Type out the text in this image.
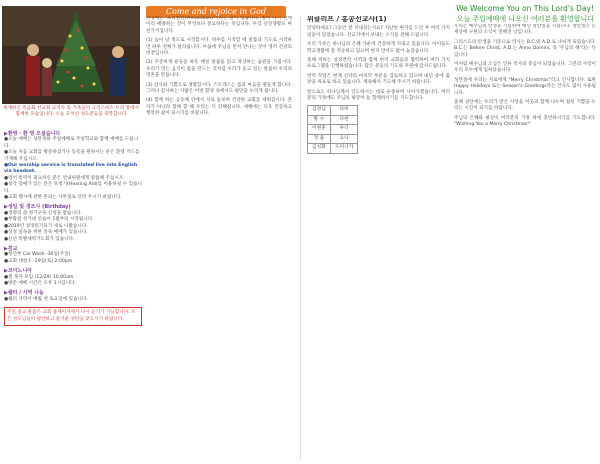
Come and rejoice in God	We Welcome You on This Lord's Day!
오늘 주일예배에 나오신 여러분을 환영합니다
세계한인 복음화 선교회 교역자 및 가족들이 크리스마스 트리 앞에서 함께한 모습입니다. 오늘 모이신 성도분들을 축복합니다
▶환영 · 환 영 오셨습니다

●오늘 예배는 성탄축하 주일예배로 주일학교와 함께 예배를 드립니다.

●오늘 처음 교회를 방문하셨거나 등록을 원하시는 분은 환영 카드를 기재해 주십시오.

●Our worship service is translated live into English via headset.

●영어 통역이 필요하신 분은 안내위원에게 말씀해 주십시오.

●청각 장애가 있는 분은 보청기(Hearing Aid)를 이용하실 수 있습니다.

●교회 행사에 관한 문의는 사무실로 연락 주시기 바랍니다.

▶생일 및 경조사 (Birthday)

●생명의 삶 정기구독 신청을 받습니다.

●부활절 성가대 연습이 1월부터 시작됩니다.

●2019년 성경읽기표가 새로 나왔습니다.

●성경 일독을 위한 통독 예배가 있습니다.

●신년 특별새벽기도회가 있습니다.

▶친교

●청년부 Car Wash -30일(주일)

●교회 대청소 -29일(토) 2:00pm

▶코이노니아

●셀 목자 모임 (12/29) 10:00am

●방문 예배 시간은 오후 1시입니다.

▶쉘터 / 사역 나눔

●쉘터 사역이 매월 첫 토요일에 있습니다.

주일 설교 말씀은 교회 홈페이지에서 다시 듣기가 가능합니다. 모든 성도님들이 평안하고 즐거운 성탄을 맞으시기 바랍니다.

건강에는 '프리벤션(Prevention)'이라는 말이 있습니다. 병이 나기 전에 미리 예방하는 것이 무엇보다 중요하다는 뜻입니다. 우리 신앙생활도 마찬가지입니다.

(1) 높이 날 정도로 시작합시다. 하루를 시작할 때 말씀과 기도로 시작하면 하루 전체가 달라집니다. 아침에 주님을 먼저 만나는 것이 영적 건강의 비결입니다.

(2) 꾸준하게 운동을 하듯 매일 말씀을 읽고 묵상하는 습관을 가집시다. 우리가 먹는 음식이 몸을 만드는 것처럼 우리가 듣고 읽는 말씀이 우리의 영혼을 만듭니다.

(3) 감사와 기쁨으로 생활합시다. 스트레스는 몸과 마음을 병들게 합니다. 그러나 감사하는 사람은 어떤 환경 속에서도 평안을 누리게 됩니다.

(4) 함께 하는 공동체 안에서 서로 돌보며 건강한 교회를 세워갑시다. 혼자가 아니라 함께 할 때 우리는 더 강해집니다. 새해에는 더욱 건강하고 행복한 삶이 되시기를 바랍니다.

위클리프 / 홍콩선교사(1)

안녕하세요? 그동안 잘 지내셨는지요? 지난번 편지를 드린 후 여러 가지 일들이 있었습니다. 선교지에서 보내는 소식을 전해 드립니다.

우리 가족은 하나님의 은혜 가운데 건강하게 지내고 있습니다. 아이들도 학교생활에 잘 적응하고 있으며 현지 언어도 많이 늘었습니다.

올해 저희는 성경번역 사역과 함께 현지 교회들과 협력하여 여러 가지 프로그램을 진행하였습니다. 많은 분들의 기도와 후원에 감사드립니다.

번역 작업은 현재 신약의 마지막 부분을 검토하고 있으며 내년 중에 출판을 목표로 하고 있습니다. 계속해서 기도해 주시기 바랍니다.

앞으로도 하나님께서 인도하시는 대로 순종하며 나아가겠습니다. 여러분의 가정에도 주님의 평강이 늘 함께하시기를 기도합니다.

김정님	타비
황 수	다현
이현훈	루디
정 율	요나
김성화	도미니카

우리는 예수님의 탄생을 기념하며 매년 성탄절을 지킵니다. 성탄절은 온 세상에 구원의 소식이 전해진 날입니다.

그리스도의 탄생을 기준으로 역사는 B.C.와 A.D.로 나뉘게 되었습니다. B.C.는 Before Christ, A.D.는 Anno Domini, 즉 '주님의 해'라는 뜻입니다.

이처럼 예수님의 오심은 인류 역사의 중심이 되었습니다. 그분의 사랑이 우리 모두에게 임하셨습니다.

성탄절에 우리는 서로에게 "Merry Christmas"라고 인사합니다. 또한 Happy Holidays 또는 Season's Greetings라는 인사도 많이 사용됩니다.

올해 성탄에는 우리가 받은 사랑을 이웃과 함께 나누며 참된 기쁨을 누리는 시간이 되기를 바랍니다.

주님의 은혜와 평강이 여러분의 가정 위에 충만하시기를 기도합니다. "Wishing You a Merry Christmas!"
